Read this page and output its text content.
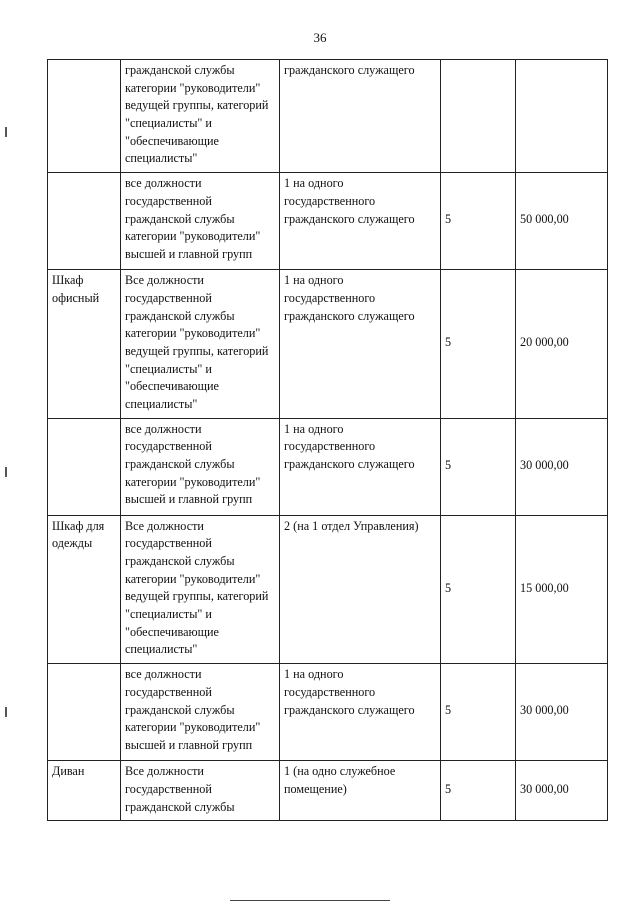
36
	гражданской службы категории "руководители" ведущей группы, категорий "специалисты" и "обеспечивающие специалисты"	гражданского служащего		
	все должности государственной гражданской службы категории "руководители" высшей и главной групп	1 на одного государственного гражданского служащего	5	50 000,00
Шкаф офисный	Все должности государственной гражданской службы категории "руководители" ведущей группы, категорий "специалисты" и "обеспечивающие специалисты"	1 на одного государственного гражданского служащего	5	20 000,00
	все должности государственной гражданской службы категории "руководители" высшей и главной групп	1 на одного государственного гражданского служащего	5	30 000,00
Шкаф для одежды	Все должности государственной гражданской службы категории "руководители" ведущей группы, категорий "специалисты" и "обеспечивающие специалисты"	2 (на 1 отдел Управления)	5	15 000,00
	все должности государственной гражданской службы категории "руководители" высшей и главной групп	1 на одного государственного гражданского служащего	5	30 000,00
Диван	Все должности государственной гражданской службы	1 (на одно служебное помещение)	5	30 000,00
